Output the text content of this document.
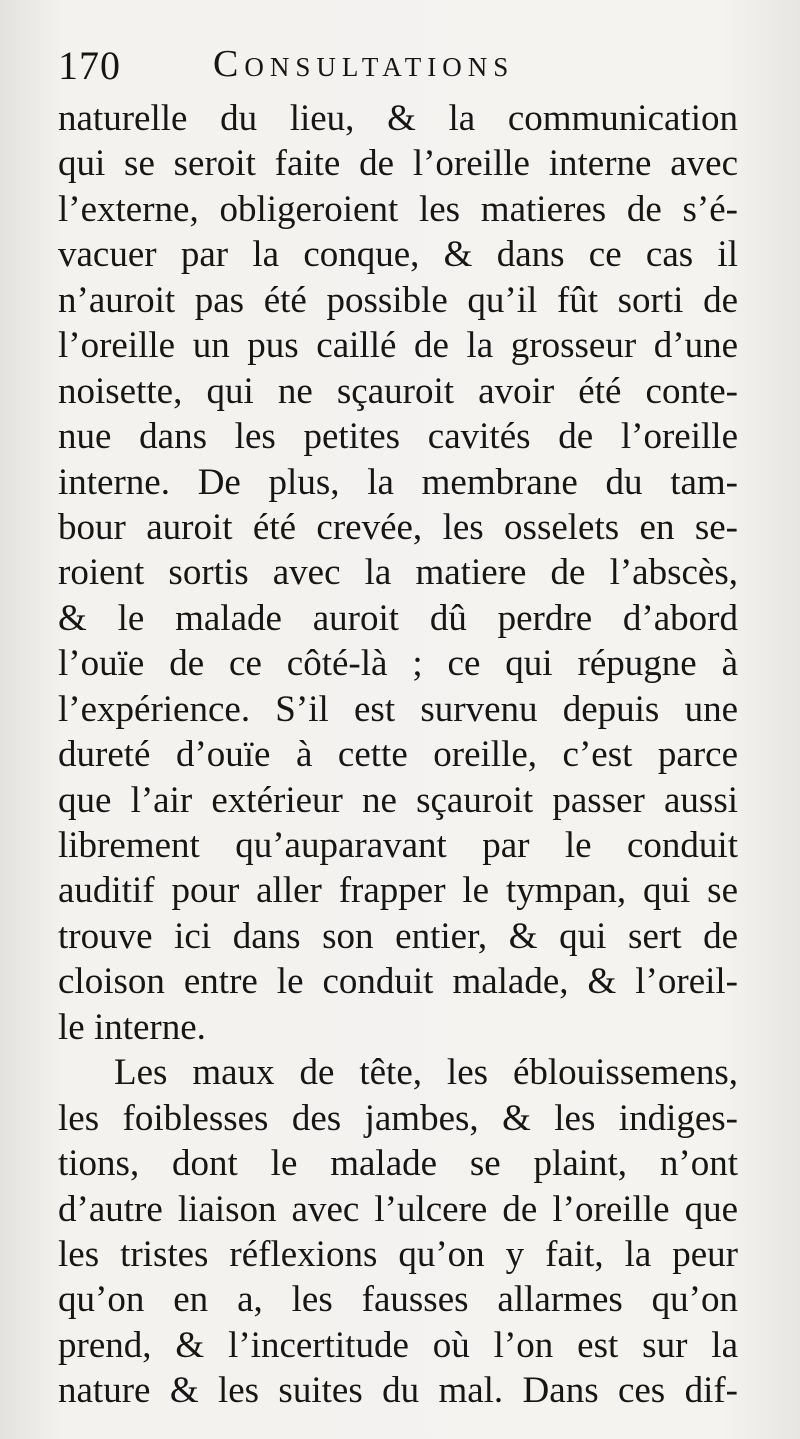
170 Consultations
naturelle du lieu, & la communication
qui se seroit faite de l’oreille interne avec
l’externe, obligeroient les matieres de s’é-
vacuer par la conque, & dans ce cas il
n’auroit pas été possible qu’il fût sorti de
l’oreille un pus caillé de la grosseur d’une
noisette, qui ne sçauroit avoir été conte-
nue dans les petites cavités de l’oreille
interne. De plus, la membrane du tam-
bour auroit été crevée, les osselets en se-
roient sortis avec la matiere de l’abscès,
& le malade auroit dû perdre d’abord
l’ouïe de ce côté-là ; ce qui répugne à
l’expérience. S’il est survenu depuis une
dureté d’ouïe à cette oreille, c’est parce
que l’air extérieur ne sçauroit passer aussi
librement qu’auparavant par le conduit
auditif pour aller frapper le tympan, qui se
trouve ici dans son entier, & qui sert de
cloison entre le conduit malade, & l’oreil-
le interne.
Les maux de tête, les éblouissemens,
les foiblesses des jambes, & les indiges-
tions, dont le malade se plaint, n’ont
d’autre liaison avec l’ulcere de l’oreille que
les tristes réflexions qu’on y fait, la peur
qu’on en a, les fausses allarmes qu’on
prend, & l’incertitude où l’on est sur la
nature & les suites du mal. Dans ces dif-
